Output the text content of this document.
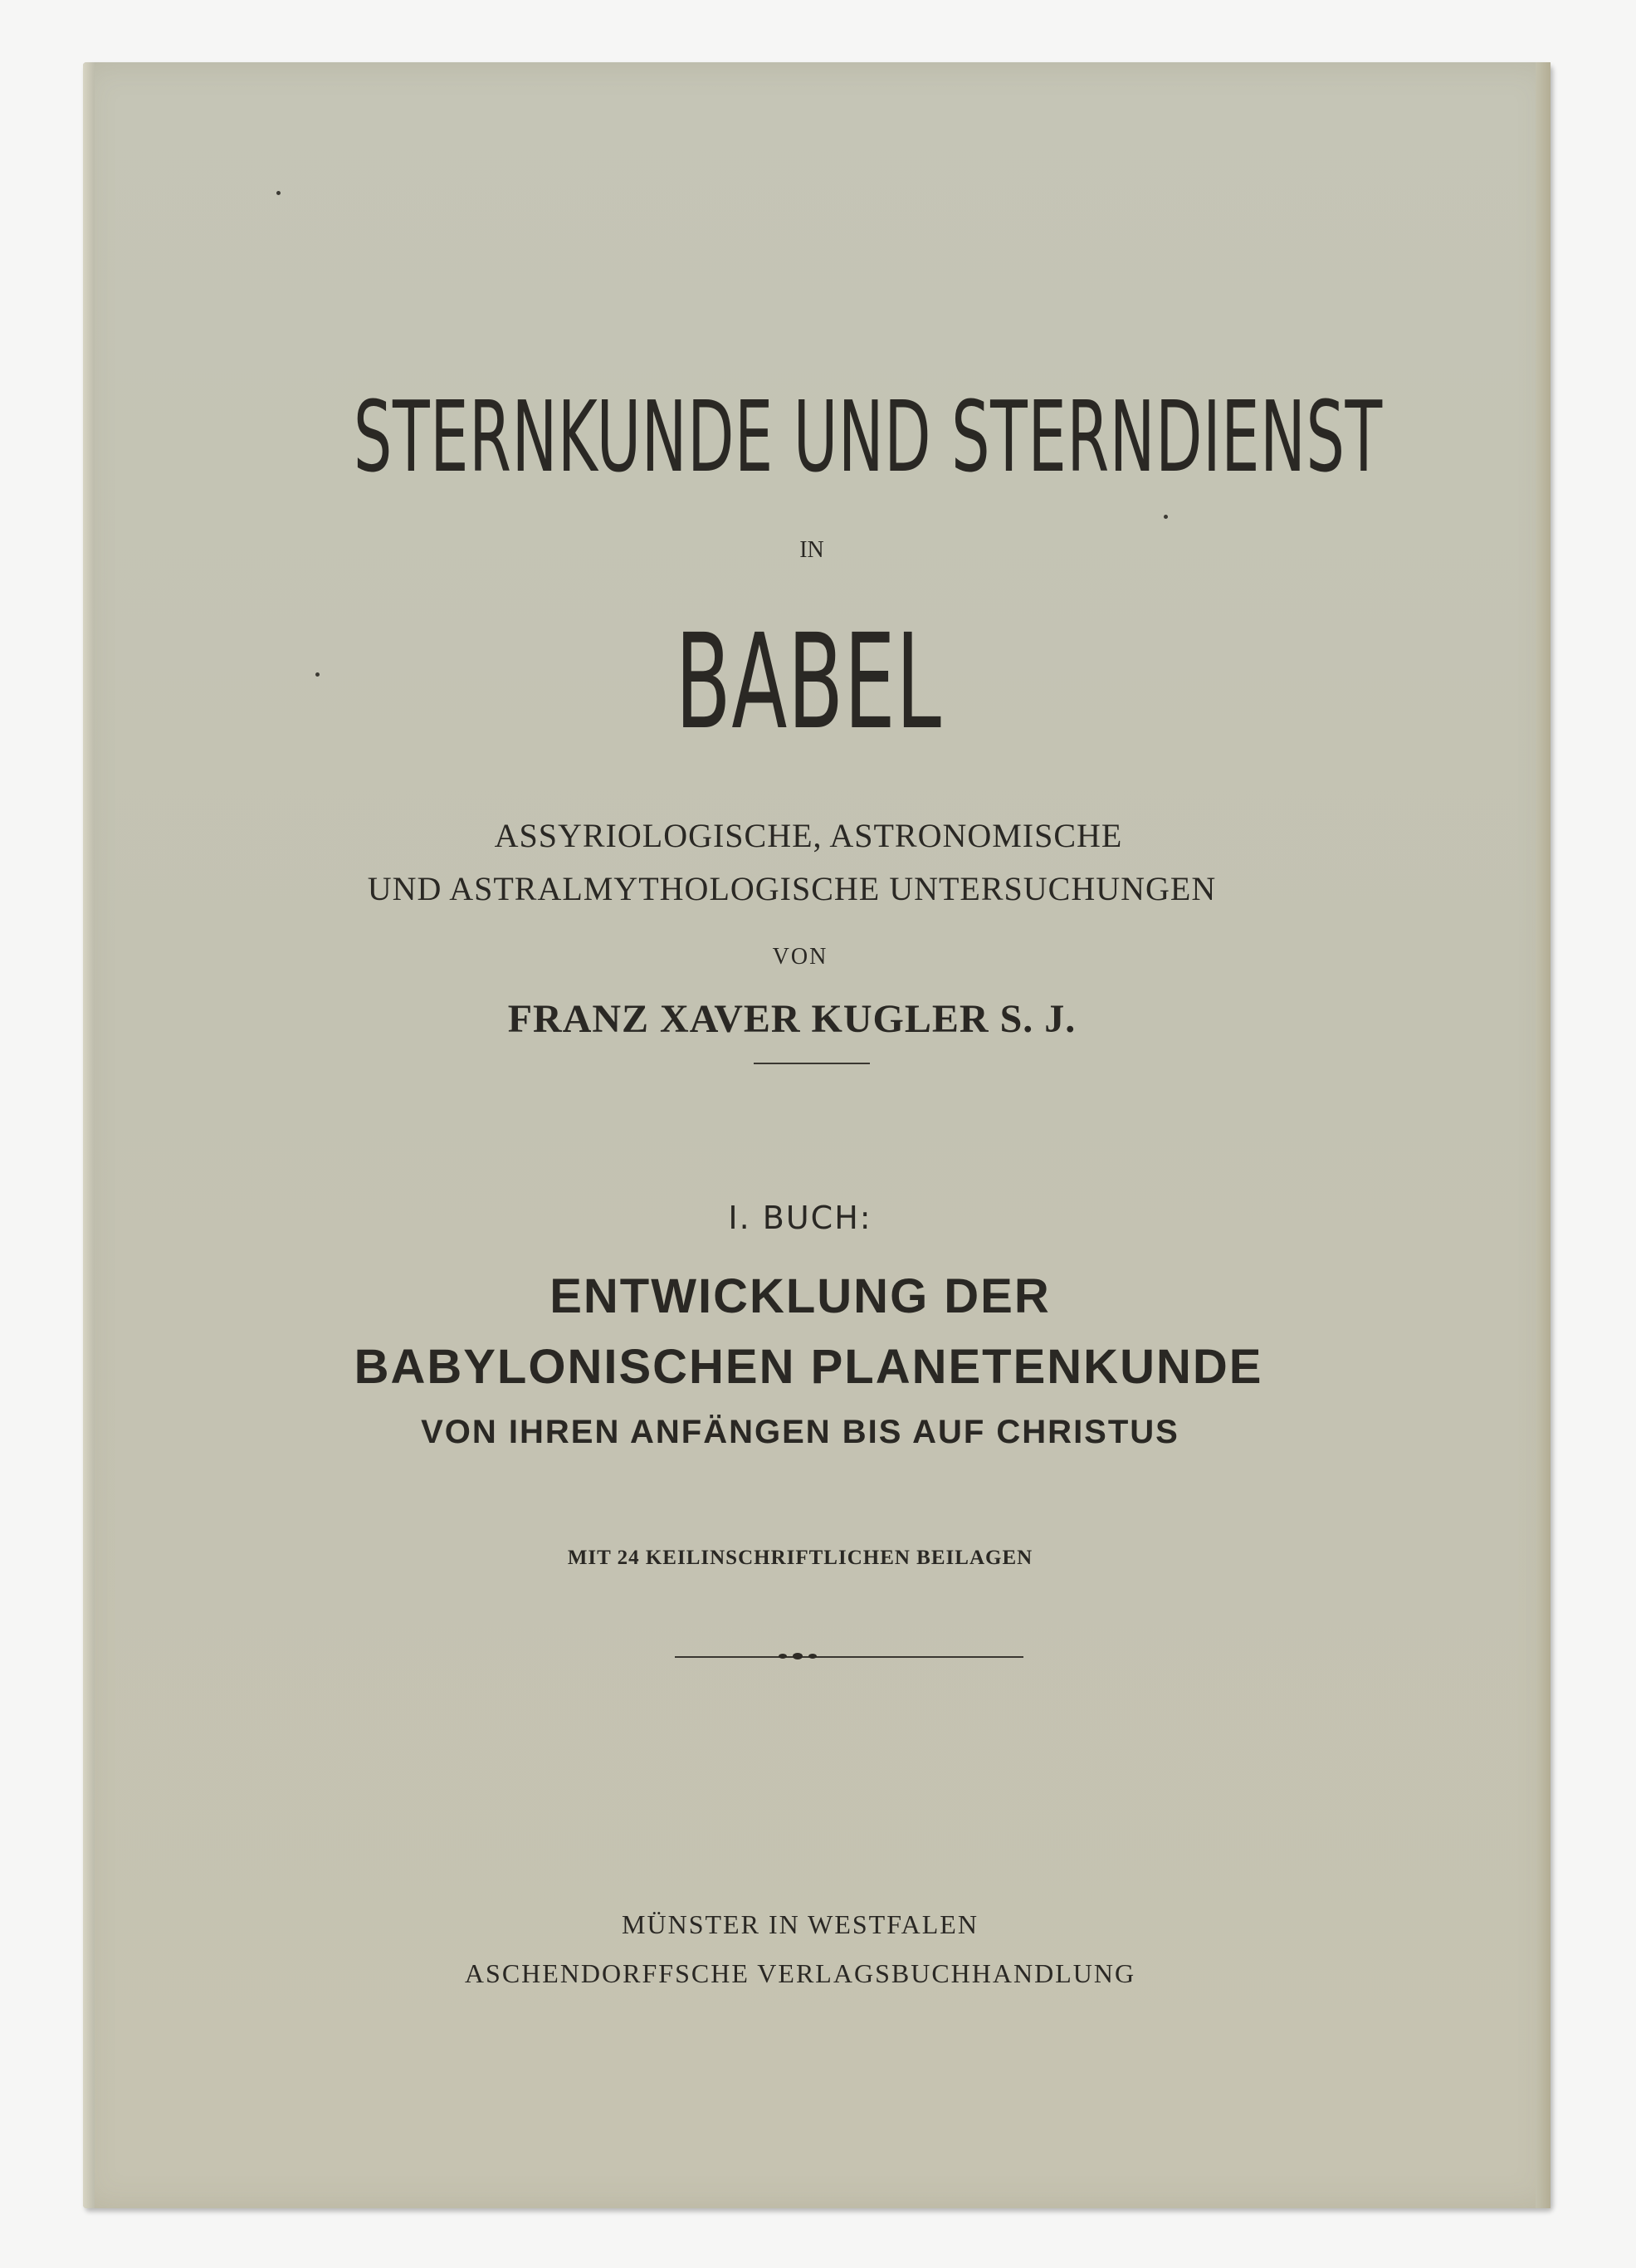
STERNKUNDE UND STERNDIENST
IN
BABEL
ASSYRIOLOGISCHE, ASTRONOMISCHE
UND ASTRALMYTHOLOGISCHE UNTERSUCHUNGEN
VON
FRANZ XAVER KUGLER S. J.
I. BUCH:
ENTWICKLUNG DER
BABYLONISCHEN PLANETENKUNDE
VON IHREN ANFÄNGEN BIS AUF CHRISTUS
MIT 24 KEILINSCHRIFTLICHEN BEILAGEN
MÜNSTER IN WESTFALEN
ASCHENDORFFSCHE VERLAGSBUCHHANDLUNG
